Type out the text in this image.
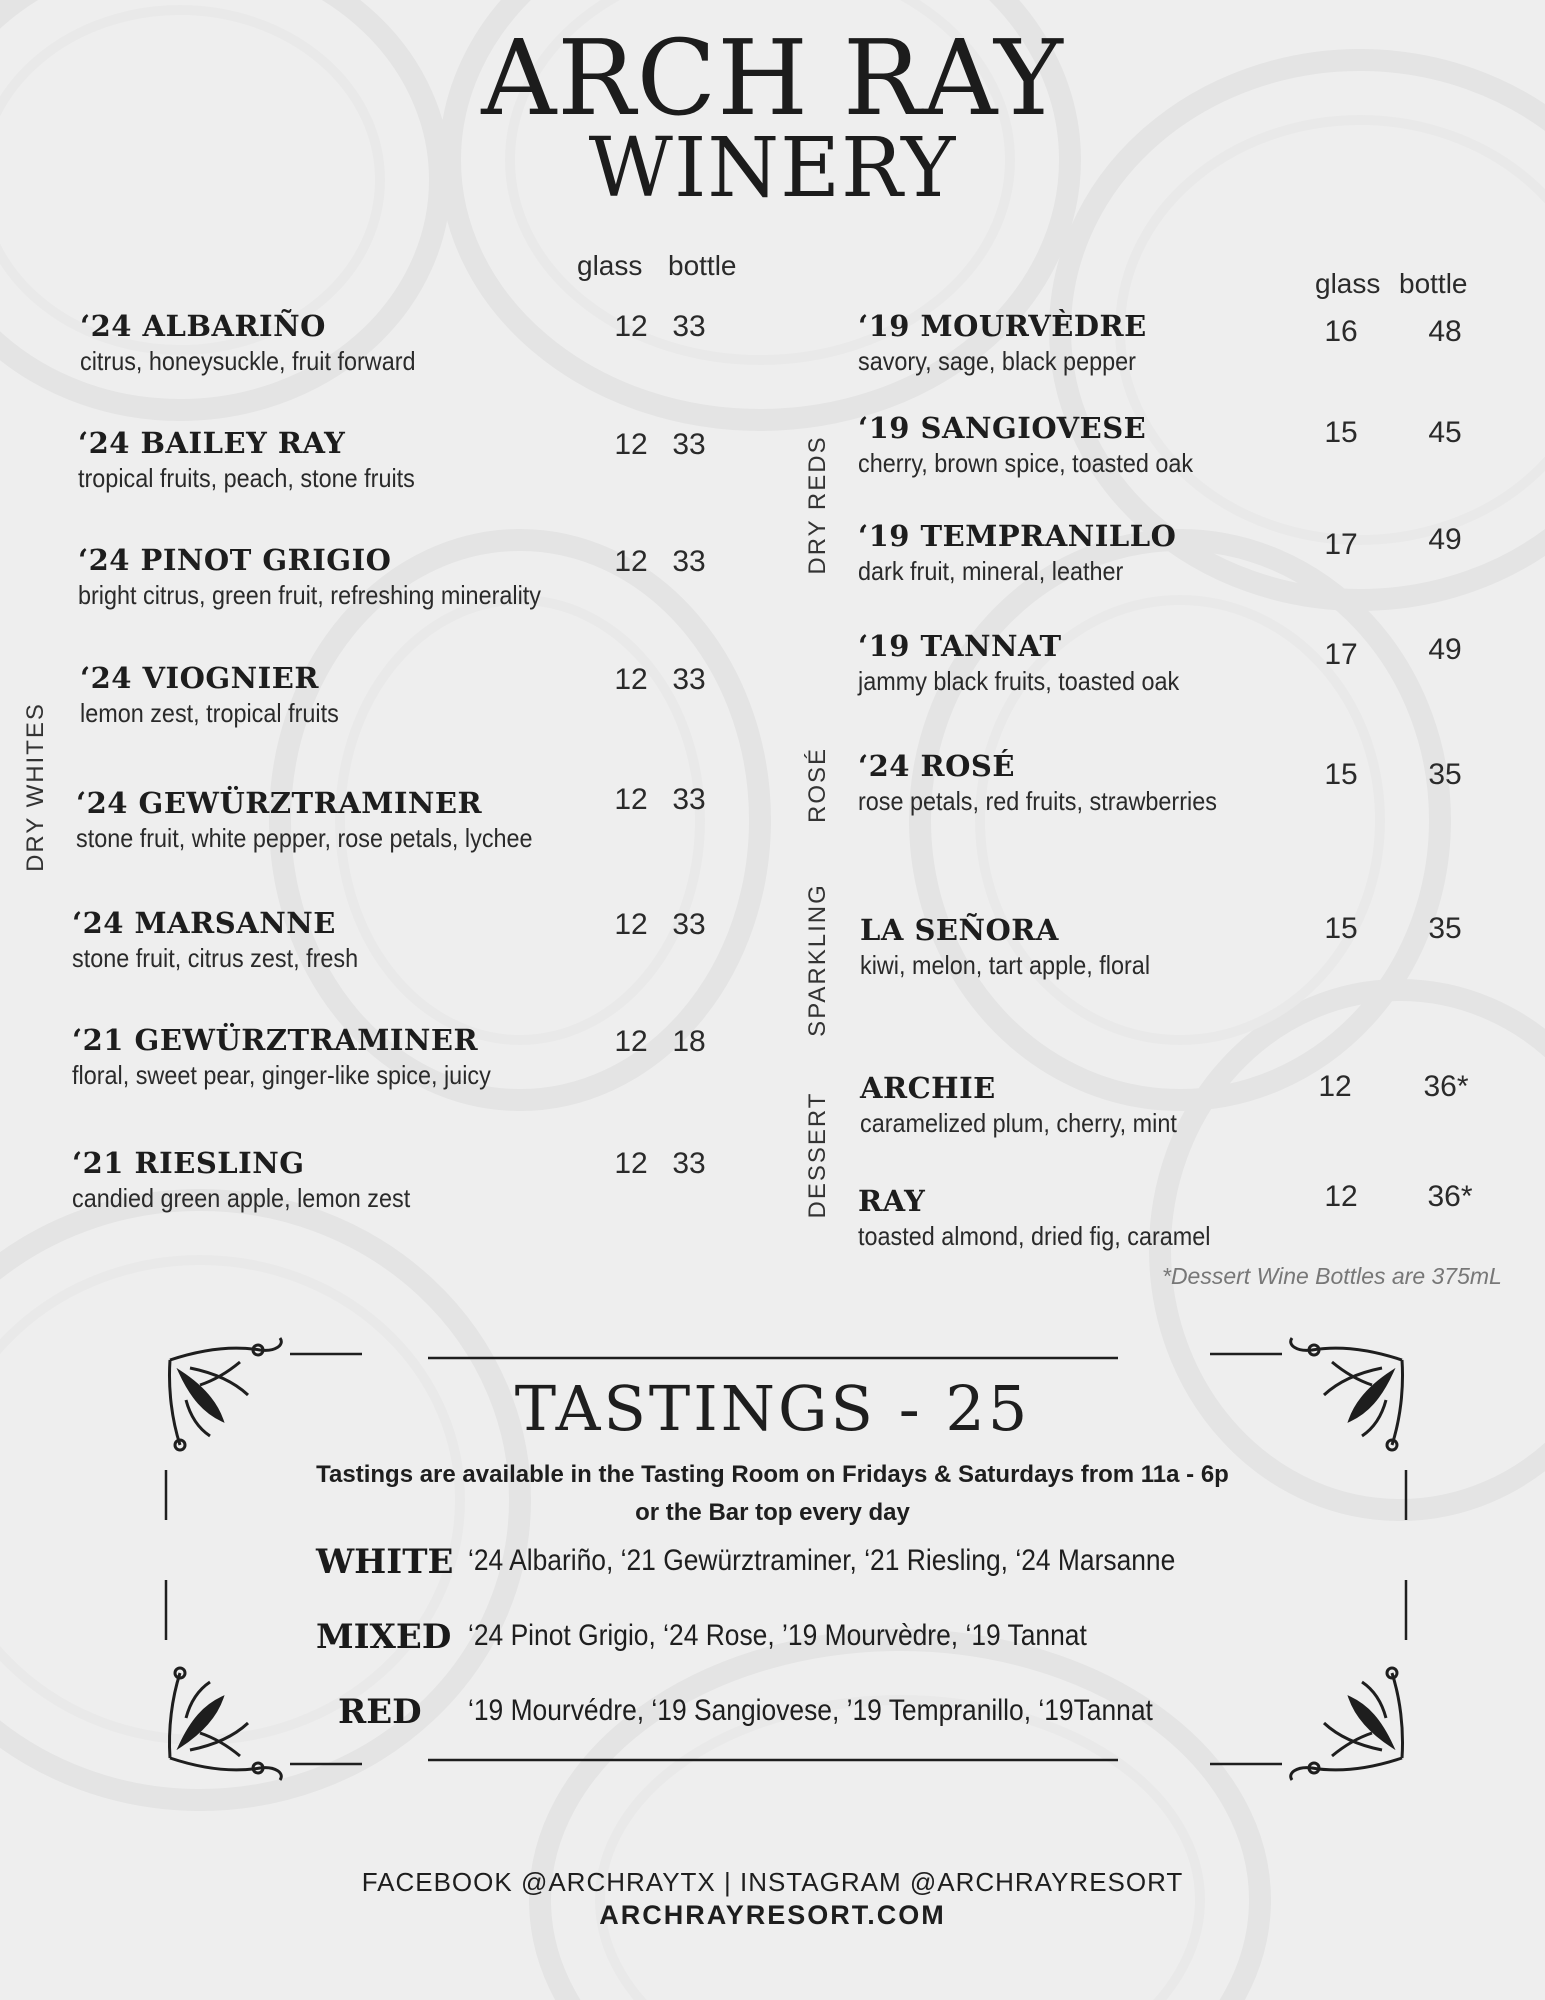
ARCH RAY
WINERY
glass bottle
glass bottle
DRY WHITES
DRY REDS
ROSÉ
SPARKLING
DESSERT
‘24 ALBARIÑO
citrus, honeysuckle, fruit forward
12 33
‘24 BAILEY RAY
tropical fruits, peach, stone fruits
12 33
‘24 PINOT GRIGIO
bright citrus, green fruit, refreshing minerality
12 33
‘24 VIOGNIER
lemon zest, tropical fruits
12 33
‘24 GEWÜRZTRAMINER
stone fruit, white pepper, rose petals, lychee
12 33
‘24 MARSANNE
stone fruit, citrus zest, fresh
12 33
‘21 GEWÜRZTRAMINER
floral, sweet pear, ginger-like spice, juicy
12 18
‘21 RIESLING
candied green apple, lemon zest
12 33
‘19 MOURVÈDRE
savory, sage, black pepper
16	48
‘19 SANGIOVESE
cherry, brown spice, toasted oak
15	45
‘19 TEMPRANILLO
dark fruit, mineral, leather
17	49
‘19 TANNAT
jammy black fruits, toasted oak
17	49
‘24 ROSÉ
rose petals, red fruits, strawberries
15	35
LA SEÑORA
kiwi, melon, tart apple, floral
15	35
ARCHIE
caramelized plum, cherry, mint
12	36*
RAY
toasted almond, dried fig, caramel
12	36*
*Dessert Wine Bottles are 375mL
TASTINGS - 25
Tastings are available in the Tasting Room on Fridays & Saturdays from 11a - 6p
or the Bar top every day
WHITE ‘24 Albariño, ‘21 Gewürztraminer, ‘21 Riesling, ‘24 Marsanne
MIXED ‘24 Pinot Grigio, ‘24 Rose, ’19 Mourvèdre, ‘19 Tannat
RED ‘19 Mourvédre, ‘19 Sangiovese, ’19 Tempranillo, ‘19Tannat
FACEBOOK @ARCHRAYTX | INSTAGRAM @ARCHRAYRESORT
ARCHRAYRESORT.COM
